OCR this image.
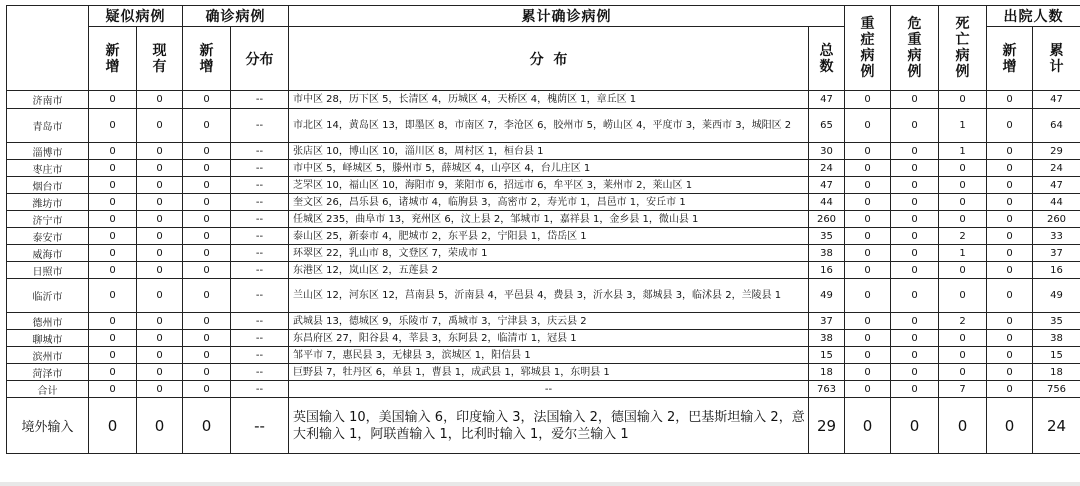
	疑似病例		确诊病例		累计确诊病例		重症病例	危重病例	死亡病例	出院人数	
	新增	现有	新增	分布	分  布	总数				新增	累计
济南市	0	0	0	--	市中区 28，历下区 5，长清区 4，历城区 4，天桥区 4，槐荫区 1，章丘区 1	47	0	0	0	0	47
青岛市	0	0	0	--	市北区 14，黄岛区 13，即墨区 8，市南区 7，李沧区 6，胶州市 5，崂山区 4，平度市 3，莱西市 3，城阳区 2	65	0	0	1	0	64
淄博市	0	0	0	--	张店区 10，博山区 10，淄川区 8，周村区 1，桓台县 1	30	0	0	1	0	29
枣庄市	0	0	0	--	市中区 5，峄城区 5，滕州市 5，薛城区 4，山亭区 4，台儿庄区 1	24	0	0	0	0	24
烟台市	0	0	0	--	芝罘区 10，福山区 10，海阳市 9，莱阳市 6，招远市 6，牟平区 3，莱州市 2，莱山区 1	47	0	0	0	0	47
潍坊市	0	0	0	--	奎文区 26，昌乐县 6，诸城市 4，临朐县 3，高密市 2，寿光市 1，昌邑市 1，安丘市 1	44	0	0	0	0	44
济宁市	0	0	0	--	任城区 235，曲阜市 13，兖州区 6，汶上县 2，邹城市 1，嘉祥县 1，金乡县 1，微山县 1	260	0	0	0	0	260
泰安市	0	0	0	--	泰山区 25，新泰市 4，肥城市 2，东平县 2，宁阳县 1，岱岳区 1	35	0	0	2	0	33
威海市	0	0	0	--	环翠区 22，乳山市 8，文登区 7，荣成市 1	38	0	0	1	0	37
日照市	0	0	0	--	东港区 12，岚山区 2，五莲县 2	16	0	0	0	0	16
临沂市	0	0	0	--	兰山区 12，河东区 12，莒南县 5，沂南县 4，平邑县 4，费县 3，沂水县 3，郯城县 3，临沭县 2，兰陵县 1	49	0	0	0	0	49
德州市	0	0	0	--	武城县 13，德城区 9，乐陵市 7，禹城市 3，宁津县 3，庆云县 2	37	0	0	2	0	35
聊城市	0	0	0	--	东昌府区 27，阳谷县 4，莘县 3，东阿县 2，临清市 1，冠县 1	38	0	0	0	0	38
滨州市	0	0	0	--	邹平市 7，惠民县 3，无棣县 3，滨城区 1，阳信县 1	15	0	0	0	0	15
菏泽市	0	0	0	--	巨野县 7，牡丹区 6，单县 1，曹县 1，成武县 1，郓城县 1，东明县 1	18	0	0	0	0	18
合计	0	0	0	--	--	763	0	0	7	0	756
境外输入	0	0	0	--	英国输入 10，美国输入 6，印度输入 3，法国输入 2，德国输入 2，巴基斯坦输入 2，意大利输入 1，阿联酋输入 1，比利时输入 1，爱尔兰输入 1	29	0	0	0	0	24
